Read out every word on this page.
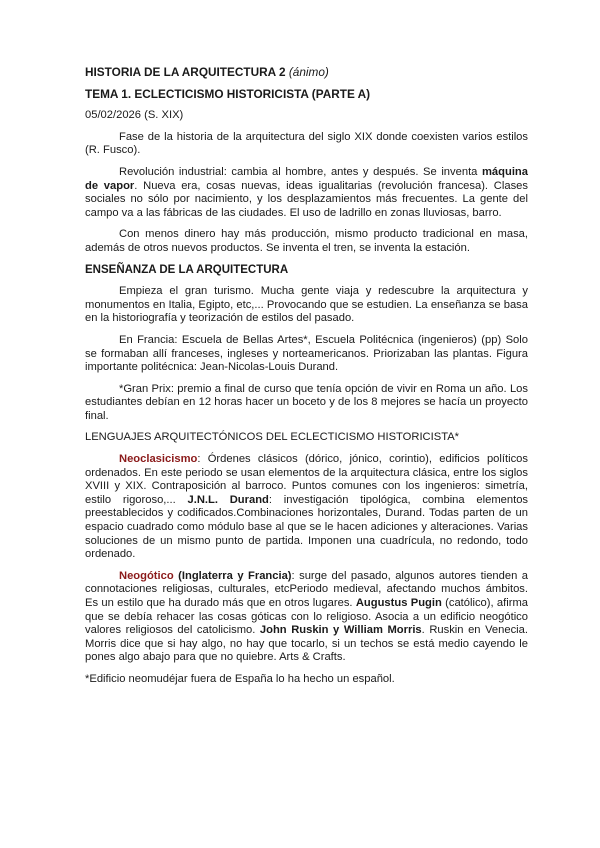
HISTORIA DE LA ARQUITECTURA 2 (ánimo)
TEMA 1. ECLECTICISMO HISTORICISTA (PARTE A)
05/02/2026 (S. XIX)

Fase de la historia de la arquitectura del siglo XIX donde coexisten varios estilos (R. Fusco).

Revolución industrial: cambia al hombre, antes y después. Se inventa máquina de vapor. Nueva era, cosas nuevas, ideas igualitarias (revolución francesa). Clases sociales no sólo por nacimiento, y los desplazamientos más frecuentes. La gente del campo va a las fábricas de las ciudades. El uso de ladrillo en zonas lluviosas, barro.

Con menos dinero hay más producción, mismo producto tradicional en masa, además de otros nuevos productos. Se inventa el tren, se inventa la estación.

ENSEÑANZA DE LA ARQUITECTURA

Empieza el gran turismo. Mucha gente viaja y redescubre la arquitectura y monumentos en Italia, Egipto, etc,... Provocando que se estudien. La enseñanza se basa en la historiografía y teorización de estilos del pasado.

En Francia: Escuela de Bellas Artes*, Escuela Politécnica (ingenieros) (pp) Solo se formaban allí franceses, ingleses y norteamericanos. Priorizaban las plantas. Figura importante politécnica: Jean-Nicolas-Louis Durand.

*Gran Prix: premio a final de curso que tenía opción de vivir en Roma un año. Los estudiantes debían en 12 horas hacer un boceto y de los 8 mejores se hacía un proyecto final.

LENGUAJES ARQUITECTÓNICOS DEL ECLECTICISMO HISTORICISTA*

Neoclasicismo: Órdenes clásicos (dórico, jónico, corintio), edificios políticos ordenados. En este periodo se usan elementos de la arquitectura clásica, entre los siglos XVIII y XIX. Contraposición al barroco. Puntos comunes con los ingenieros: simetría, estilo rigoroso,... J.N.L. Durand: investigación tipológica, combina elementos preestablecidos y codificados.Combinaciones horizontales, Durand. Todas parten de un espacio cuadrado como módulo base al que se le hacen adiciones y alteraciones. Varias soluciones de un mismo punto de partida. Imponen una cuadrícula, no redondo, todo ordenado.

Neogótico (Inglaterra y Francia): surge del pasado, algunos autores tienden a connotaciones religiosas, culturales, etcPeriodo medieval, afectando muchos ámbitos. Es un estilo que ha durado más que en otros lugares. Augustus Pugin (católico), afirma que se debía rehacer las cosas góticas con lo religioso. Asocia a un edificio neogótico valores religiosos del catolicismo. John Ruskin y William Morris. Ruskin en Venecia. Morris dice que si hay algo, no hay que tocarlo, si un techos se está medio cayendo le pones algo abajo para que no quiebre. Arts & Crafts.

*Edificio neomudéjar fuera de España lo ha hecho un español.
